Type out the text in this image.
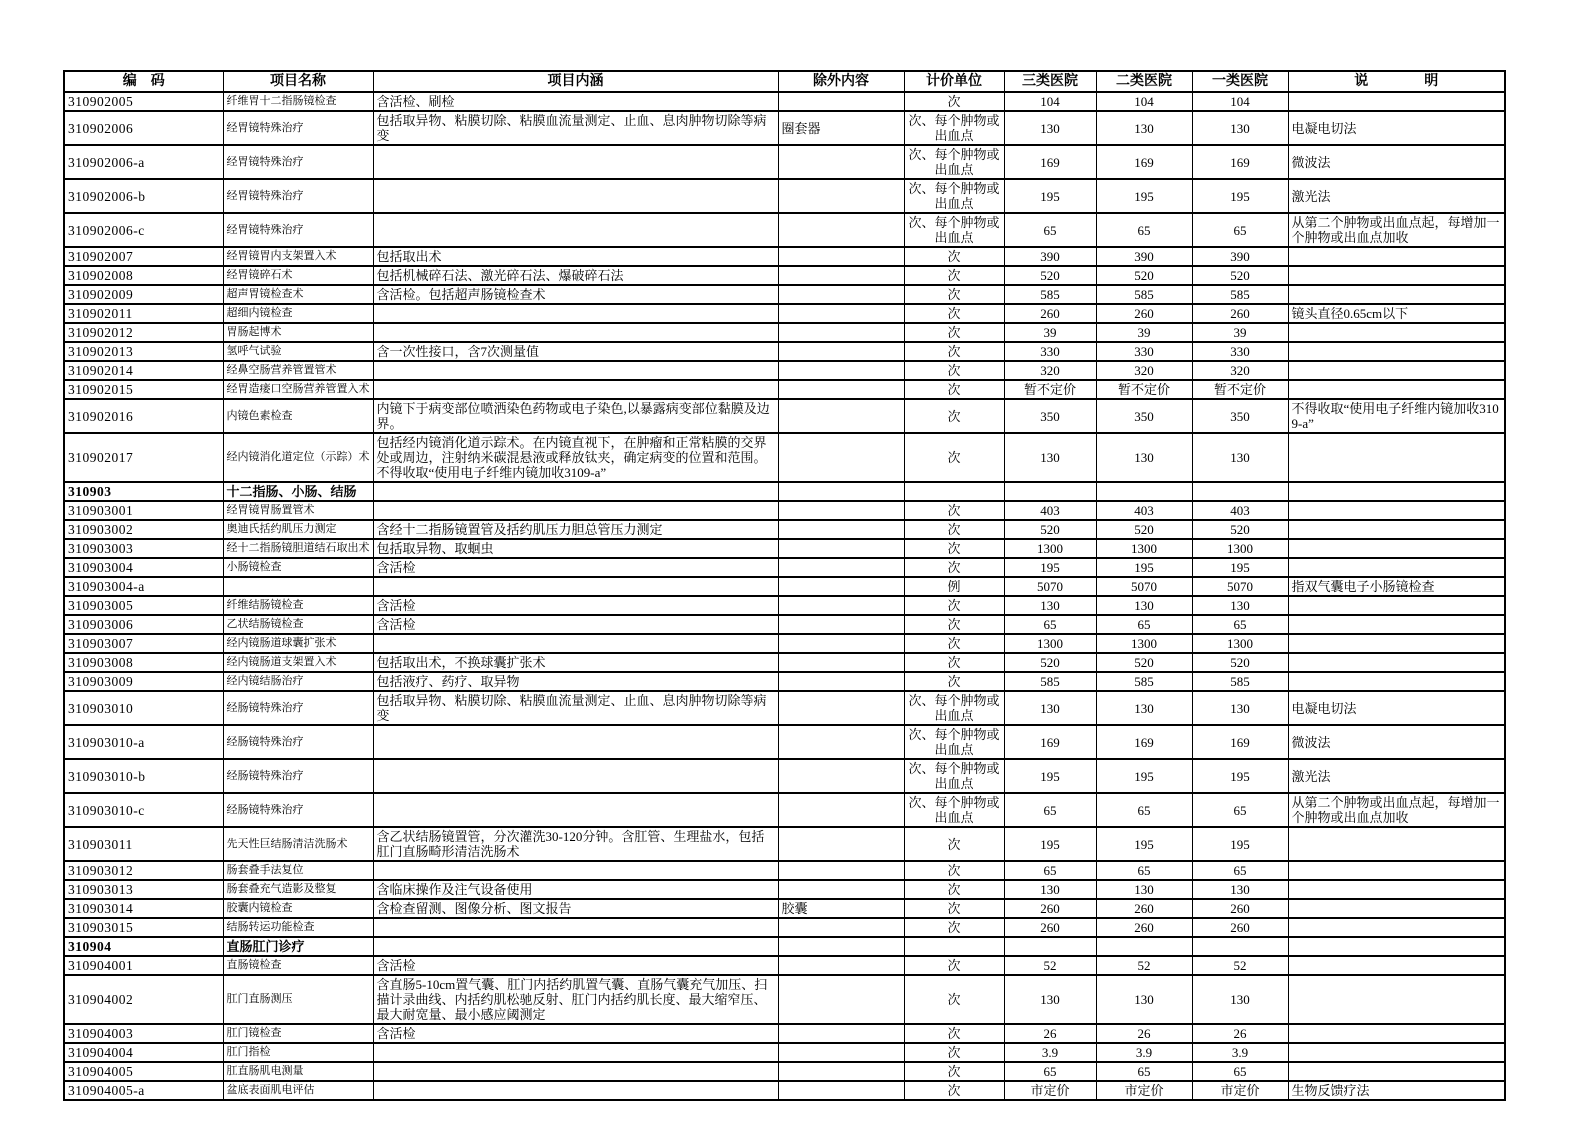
编　码	项目名称	项目内涵	除外内容	计价单位	三类医院	二类医院	一类医院	说　　　　明
310902005	纤维胃十二指肠镜检查	含活检、刷检		次	104	104	104	
310902006	经胃镜特殊治疗	包括取异物、粘膜切除、粘膜血流量测定、止血、息肉肿物切除等病变	圈套器	次、每个肿物或出血点	130	130	130	电凝电切法
310902006-a	经胃镜特殊治疗			次、每个肿物或出血点	169	169	169	微波法
310902006-b	经胃镜特殊治疗			次、每个肿物或出血点	195	195	195	激光法
310902006-c	经胃镜特殊治疗			次、每个肿物或出血点	65	65	65	从第二个肿物或出血点起，每增加一个肿物或出血点加收
310902007	经胃镜胃内支架置入术	包括取出术		次	390	390	390	
310902008	经胃镜碎石术	包括机械碎石法、激光碎石法、爆破碎石法		次	520	520	520	
310902009	超声胃镜检查术	含活检。包括超声肠镜检查术		次	585	585	585	
310902011	超细内镜检查			次	260	260	260	镜头直径0.65cm以下
310902012	胃肠起博术			次	39	39	39	
310902013	氢呼气试验	含一次性接口，含7次测量值		次	330	330	330	
310902014	经鼻空肠营养管置管术			次	320	320	320	
310902015	经胃造瘘口空肠营养管置入术			次	暂不定价	暂不定价	暂不定价	
310902016	内镜色素检查	内镜下于病变部位喷洒染色药物或电子染色,以暴露病变部位黏膜及边界。		次	350	350	350	不得收取“使用电子纤维内镜加收3109-a”
310902017	经内镜消化道定位（示踪）术	包括经内镜消化道示踪术。在内镜直视下，在肿瘤和正常粘膜的交界处或周边，注射纳米碳混悬液或释放钛夹，确定病变的位置和范围。不得收取“使用电子纤维内镜加收3109-a”		次	130	130	130	
310903	十二指肠、小肠、结肠							
310903001	经胃镜胃肠置管术			次	403	403	403	
310903002	奥迪氏括约肌压力测定	含经十二指肠镜置管及括约肌压力胆总管压力测定		次	520	520	520	
310903003	经十二指肠镜胆道结石取出术	包括取异物、取蛔虫		次	1300	1300	1300	
310903004	小肠镜检查	含活检		次	195	195	195	
310903004-a				例	5070	5070	5070	指双气囊电子小肠镜检查
310903005	纤维结肠镜检查	含活检		次	130	130	130	
310903006	乙状结肠镜检查	含活检		次	65	65	65	
310903007	经内镜肠道球囊扩张术			次	1300	1300	1300	
310903008	经内镜肠道支架置入术	包括取出术，不换球囊扩张术		次	520	520	520	
310903009	经内镜结肠治疗	包括液疗、药疗、取异物		次	585	585	585	
310903010	经肠镜特殊治疗	包括取异物、粘膜切除、粘膜血流量测定、止血、息肉肿物切除等病变		次、每个肿物或出血点	130	130	130	电凝电切法
310903010-a	经肠镜特殊治疗			次、每个肿物或出血点	169	169	169	微波法
310903010-b	经肠镜特殊治疗			次、每个肿物或出血点	195	195	195	激光法
310903010-c	经肠镜特殊治疗			次、每个肿物或出血点	65	65	65	从第二个肿物或出血点起，每增加一个肿物或出血点加收
310903011	先天性巨结肠清洁洗肠术	含乙状结肠镜置管，分次灌洗30-120分钟。含肛管、生理盐水，包括肛门直肠畸形清洁洗肠术		次	195	195	195	
310903012	肠套叠手法复位			次	65	65	65	
310903013	肠套叠充气造影及整复	含临床操作及注气设备使用		次	130	130	130	
310903014	胶囊内镜检查	含检查留测、图像分析、图文报告	胶囊	次	260	260	260	
310903015	结肠转运功能检查			次	260	260	260	
310904	直肠肛门诊疗							
310904001	直肠镜检查	含活检		次	52	52	52	
310904002	肛门直肠测压	含直肠5-10cm置气囊、肛门内括约肌置气囊、直肠气囊充气加压、扫描计录曲线、内括约肌松驰反射、肛门内括约肌长度、最大缩窄压、最大耐宽量、最小感应阈测定		次	130	130	130	
310904003	肛门镜检查	含活检		次	26	26	26	
310904004	肛门指检			次	3.9	3.9	3.9	
310904005	肛直肠肌电测量			次	65	65	65	
310904005-a	盆底表面肌电评估			次	市定价	市定价	市定价	生物反馈疗法
